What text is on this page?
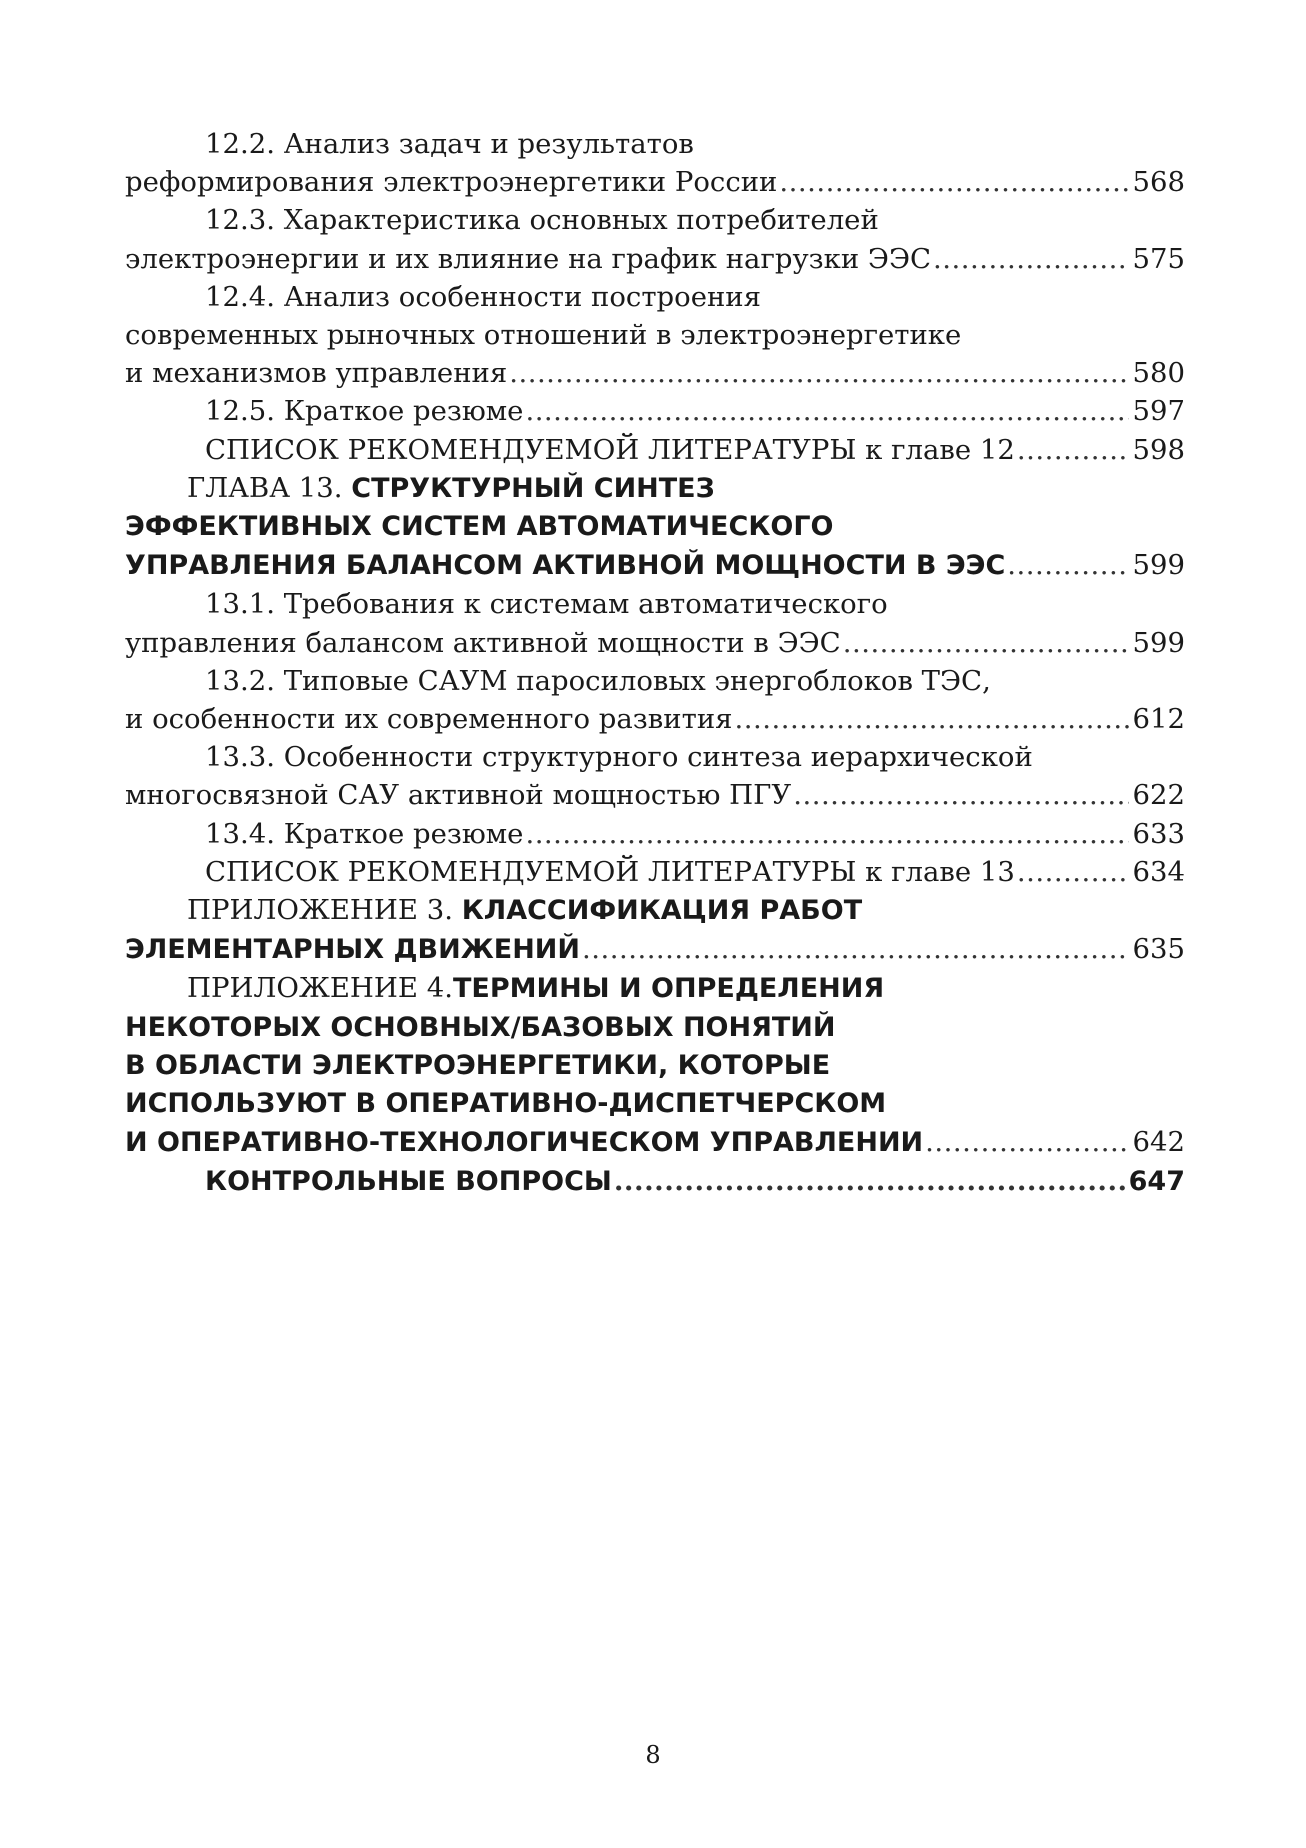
12.2. Анализ задач и результатов
реформирования электроэнергетики России .....	568
12.3. Характеристика основных потребителей
электроэнергии и их влияние на график нагрузки ЭЭС .....	575
12.4. Анализ особенности построения
современных рыночных отношений в электроэнергетике
и механизмов управления .....	580
12.5. Краткое резюме .....	597
СПИСОК РЕКОМЕНДУЕМОЙ ЛИТЕРАТУРЫ к главе 12 .....	598
ГЛАВА 13. СТРУКТУРНЫЙ СИНТЕЗ
ЭФФЕКТИВНЫХ СИСТЕМ АВТОМАТИЧЕСКОГО
УПРАВЛЕНИЯ БАЛАНСОМ АКТИВНОЙ МОЩНОСТИ В ЭЭС .....	599
13.1. Требования к системам автоматического
управления балансом активной мощности в ЭЭС .....	599
13.2. Типовые САУМ паросиловых энергоблоков ТЭС,
и особенности их современного развития .....	612
13.3. Особенности структурного синтеза иерархической
многосвязной САУ активной мощностью ПГУ .....	622
13.4. Краткое резюме .....	633
СПИСОК РЕКОМЕНДУЕМОЙ ЛИТЕРАТУРЫ к главе 13 .....	634
ПРИЛОЖЕНИЕ 3. КЛАССИФИКАЦИЯ РАБОТ
ЭЛЕМЕНТАРНЫХ ДВИЖЕНИЙ .....	635
ПРИЛОЖЕНИЕ 4. ТЕРМИНЫ И ОПРЕДЕЛЕНИЯ
НЕКОТОРЫХ ОСНОВНЫХ/БАЗОВЫХ ПОНЯТИЙ
В ОБЛАСТИ ЭЛЕКТРОЭНЕРГЕТИКИ, КОТОРЫЕ
ИСПОЛЬЗУЮТ В ОПЕРАТИВНО-ДИСПЕТЧЕРСКОМ
И ОПЕРАТИВНО-ТЕХНОЛОГИЧЕСКОМ УПРАВЛЕНИИ .....	642
КОНТРОЛЬНЫЕ ВОПРОСЫ .....	647
8
